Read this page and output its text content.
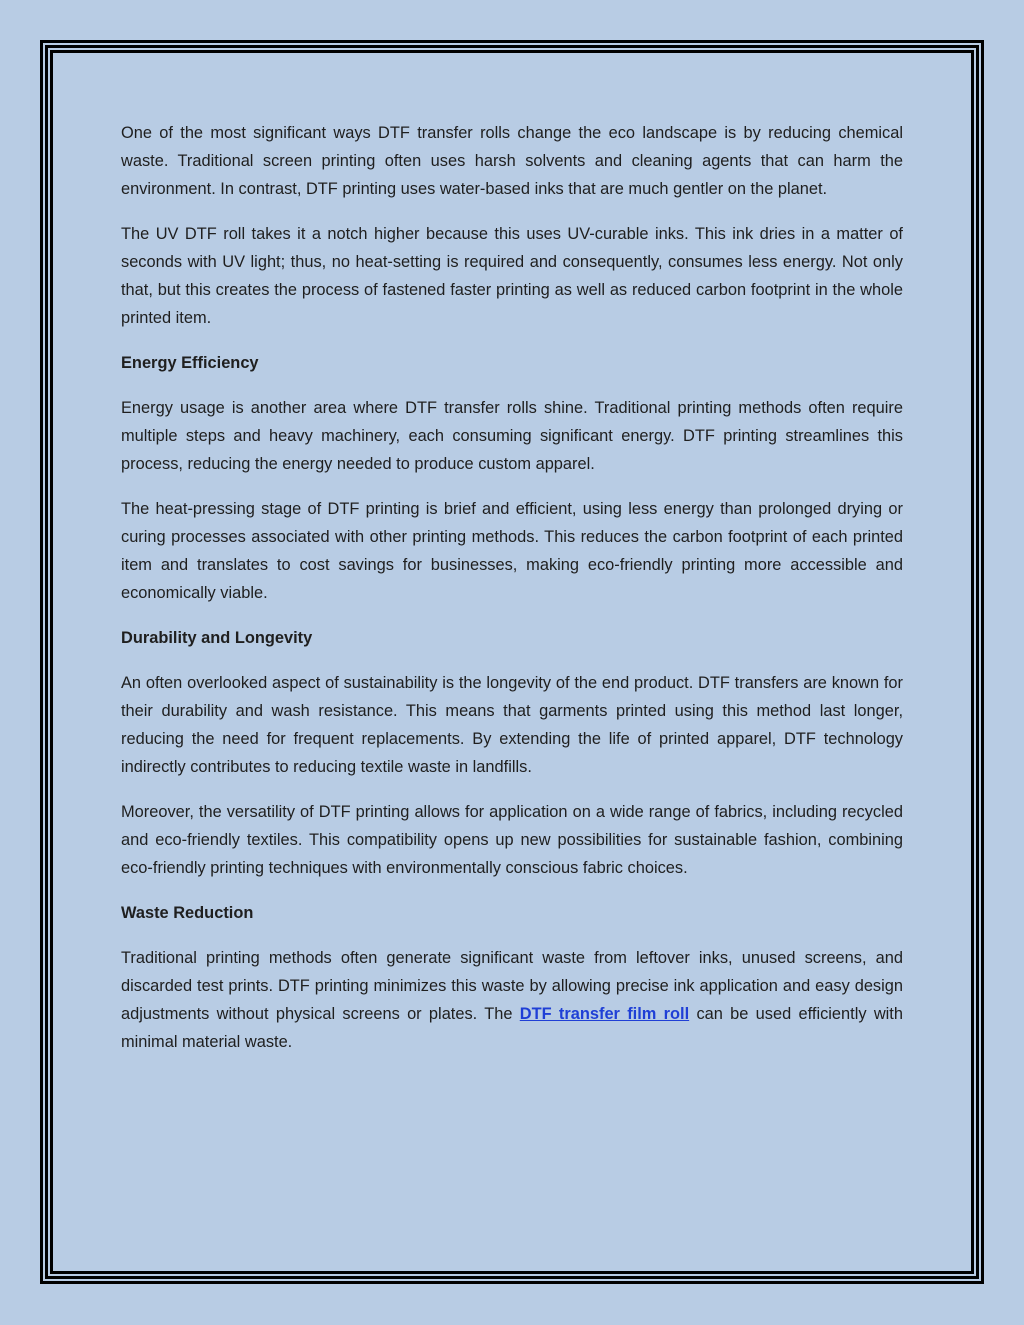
One of the most significant ways DTF transfer rolls change the eco landscape is by reducing chemical waste. Traditional screen printing often uses harsh solvents and cleaning agents that can harm the environment. In contrast, DTF printing uses water-based inks that are much gentler on the planet.

The UV DTF roll takes it a notch higher because this uses UV-curable inks. This ink dries in a matter of seconds with UV light; thus, no heat-setting is required and consequently, consumes less energy. Not only that, but this creates the process of fastened faster printing as well as reduced carbon footprint in the whole printed item.

Energy Efficiency

Energy usage is another area where DTF transfer rolls shine. Traditional printing methods often require multiple steps and heavy machinery, each consuming significant energy. DTF printing streamlines this process, reducing the energy needed to produce custom apparel.

The heat-pressing stage of DTF printing is brief and efficient, using less energy than prolonged drying or curing processes associated with other printing methods. This reduces the carbon footprint of each printed item and translates to cost savings for businesses, making eco-friendly printing more accessible and economically viable.

Durability and Longevity

An often overlooked aspect of sustainability is the longevity of the end product. DTF transfers are known for their durability and wash resistance. This means that garments printed using this method last longer, reducing the need for frequent replacements. By extending the life of printed apparel, DTF technology indirectly contributes to reducing textile waste in landfills.

Moreover, the versatility of DTF printing allows for application on a wide range of fabrics, including recycled and eco-friendly textiles. This compatibility opens up new possibilities for sustainable fashion, combining eco-friendly printing techniques with environmentally conscious fabric choices.

Waste Reduction

Traditional printing methods often generate significant waste from leftover inks, unused screens, and discarded test prints. DTF printing minimizes this waste by allowing precise ink application and easy design adjustments without physical screens or plates. The DTF transfer film roll can be used efficiently with minimal material waste.
